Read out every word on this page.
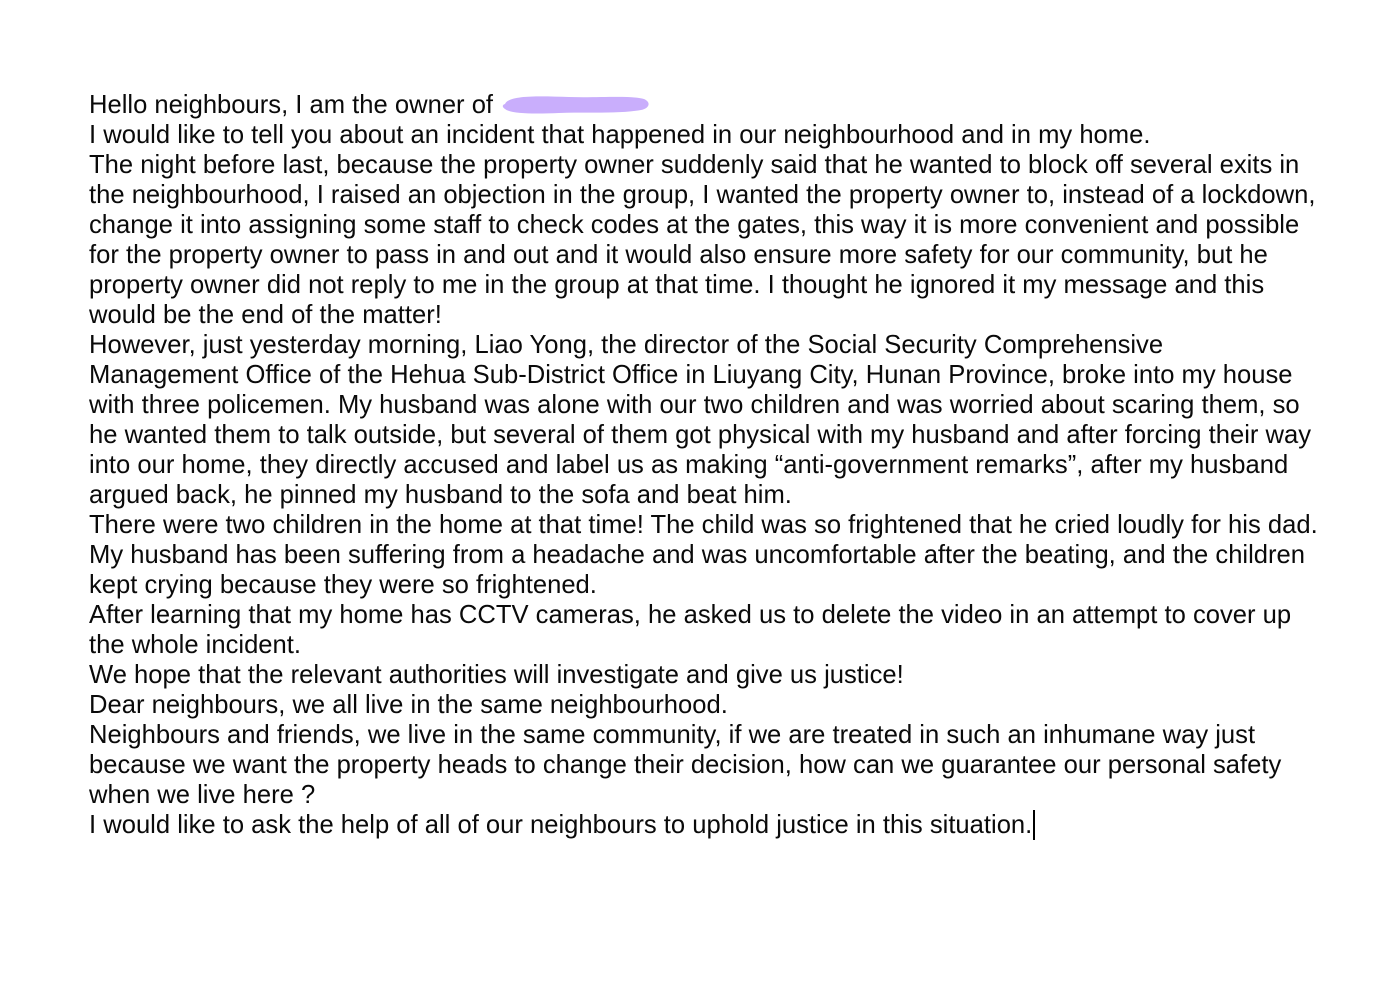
Hello neighbours, I am the owner of

I would like to tell you about an incident that happened in our neighbourhood and in my home.

The night before last, because the property owner suddenly said that he wanted to block off several exits in the neighbourhood, I raised an objection in the group, I wanted the property owner to, instead of a lockdown, change it into assigning some staff to check codes at the gates, this way it is more convenient and possible for the property owner to pass in and out and it would also ensure more safety for our community, but he property owner did not reply to me in the group at that time. I thought he ignored it my message and this would be the end of the matter!

However, just yesterday morning, Liao Yong, the director of the Social Security Comprehensive Management Office of the Hehua Sub-District Office in Liuyang City, Hunan Province, broke into my house with three policemen. My husband was alone with our two children and was worried about scaring them, so he wanted them to talk outside, but several of them got physical with my husband and after forcing their way into our home, they directly accused and label us as making “anti-government remarks”, after my husband argued back, he pinned my husband to the sofa and beat him.

There were two children in the home at that time! The child was so frightened that he cried loudly for his dad.

My husband has been suffering from a headache and was uncomfortable after the beating, and the children kept crying because they were so frightened.

After learning that my home has CCTV cameras, he asked us to delete the video in an attempt to cover up the whole incident.

We hope that the relevant authorities will investigate and give us justice!

Dear neighbours, we all live in the same neighbourhood.

Neighbours and friends, we live in the same community, if we are treated in such an inhumane way just because we want the property heads to change their decision, how can we guarantee our personal safety when we live here ?

I would like to ask the help of all of our neighbours to uphold justice in this situation.
